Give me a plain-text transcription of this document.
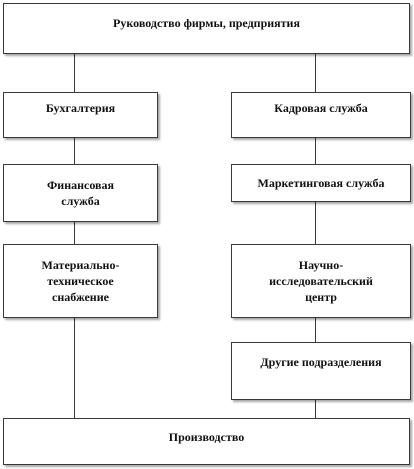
Руководство фирмы, предприятия
Бухгалтерия	Кадровая служба
Финансовая
служба
Маркетинговая служба
Материально-
техническое
снабжение
Научно-
исследовательский
центр
Другие подразделения
Производство
